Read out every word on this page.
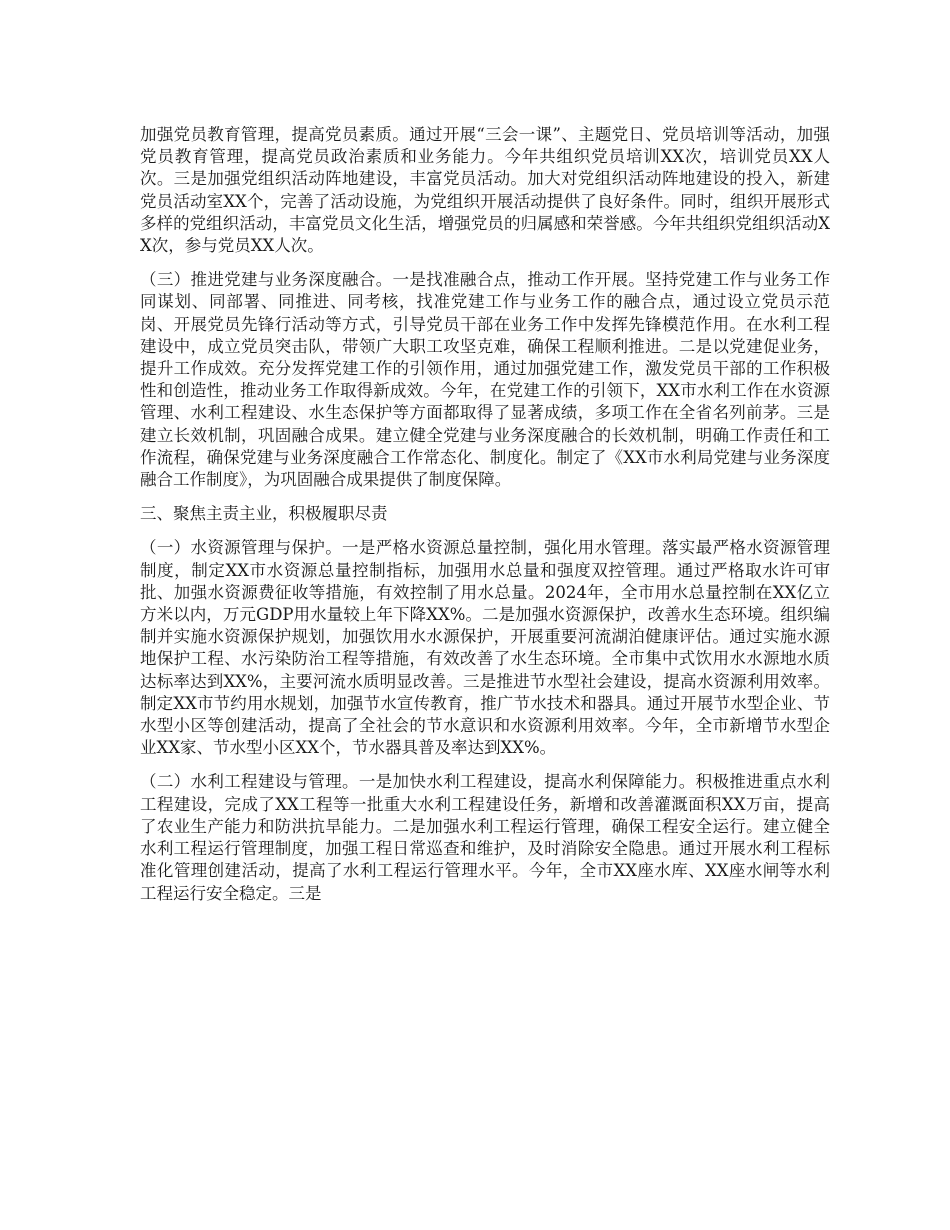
加强党员教育管理，提高党员素质。通过开展“三会一课”、主题党日、党员培训等活动，加强党员教育管理，提高党员政治素质和业务能力。今年共组织党员培训XX次，培训党员XX人次。三是加强党组织活动阵地建设，丰富党员活动。加大对党组织活动阵地建设的投入，新建党员活动室XX个，完善了活动设施，为党组织开展活动提供了良好条件。同时，组织开展形式多样的党组织活动，丰富党员文化生活，增强党员的归属感和荣誉感。今年共组织党组织活动XX次，参与党员XX人次。

（三）推进党建与业务深度融合。一是找准融合点，推动工作开展。坚持党建工作与业务工作同谋划、同部署、同推进、同考核，找准党建工作与业务工作的融合点，通过设立党员示范岗、开展党员先锋行活动等方式，引导党员干部在业务工作中发挥先锋模范作用。在水利工程建设中，成立党员突击队，带领广大职工攻坚克难，确保工程顺利推进。二是以党建促业务，提升工作成效。充分发挥党建工作的引领作用，通过加强党建工作，激发党员干部的工作积极性和创造性，推动业务工作取得新成效。今年，在党建工作的引领下，XX市水利工作在水资源管理、水利工程建设、水生态保护等方面都取得了显著成绩，多项工作在全省名列前茅。三是建立长效机制，巩固融合成果。建立健全党建与业务深度融合的长效机制，明确工作责任和工作流程，确保党建与业务深度融合工作常态化、制度化。制定了《XX市水利局党建与业务深度融合工作制度》，为巩固融合成果提供了制度保障。

三、聚焦主责主业，积极履职尽责

（一）水资源管理与保护。一是严格水资源总量控制，强化用水管理。落实最严格水资源管理制度，制定XX市水资源总量控制指标，加强用水总量和强度双控管理。通过严格取水许可审批、加强水资源费征收等措施，有效控制了用水总量。2024年，全市用水总量控制在XX亿立方米以内，万元GDP用水量较上年下降XX%。二是加强水资源保护，改善水生态环境。组织编制并实施水资源保护规划，加强饮用水水源保护，开展重要河流湖泊健康评估。通过实施水源地保护工程、水污染防治工程等措施，有效改善了水生态环境。全市集中式饮用水水源地水质达标率达到XX%，主要河流水质明显改善。三是推进节水型社会建设，提高水资源利用效率。制定XX市节约用水规划，加强节水宣传教育，推广节水技术和器具。通过开展节水型企业、节水型小区等创建活动，提高了全社会的节水意识和水资源利用效率。今年，全市新增节水型企业XX家、节水型小区XX个，节水器具普及率达到XX%。

（二）水利工程建设与管理。一是加快水利工程建设，提高水利保障能力。积极推进重点水利工程建设，完成了XX工程等一批重大水利工程建设任务，新增和改善灌溉面积XX万亩，提高了农业生产能力和防洪抗旱能力。二是加强水利工程运行管理，确保工程安全运行。建立健全水利工程运行管理制度，加强工程日常巡查和维护，及时消除安全隐患。通过开展水利工程标准化管理创建活动，提高了水利工程运行管理水平。今年，全市XX座水库、XX座水闸等水利工程运行安全稳定。三是
